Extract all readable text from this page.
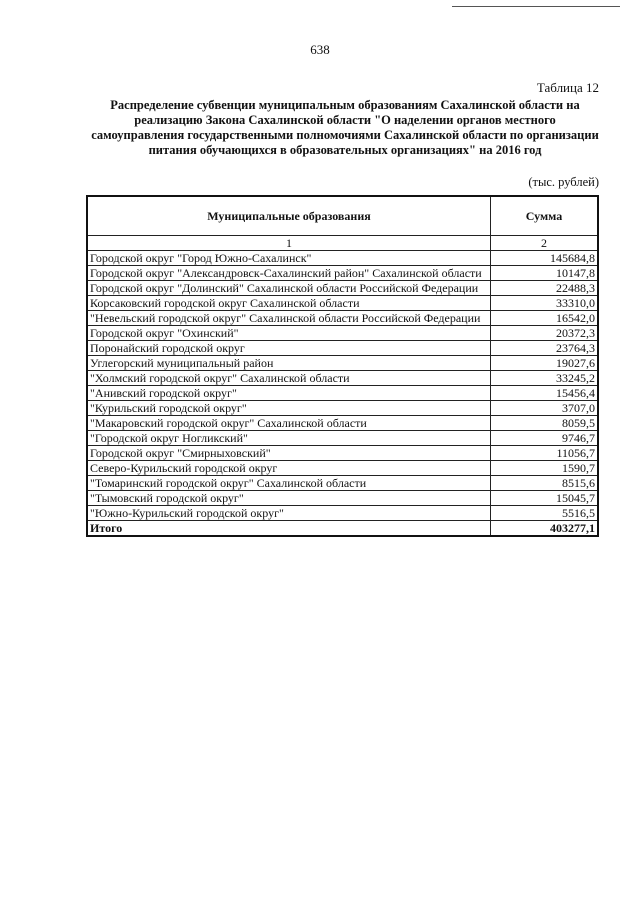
638
Таблица 12
Распределение субвенции муниципальным образованиям Сахалинской области на реализацию Закона Сахалинской области "О наделении органов местного самоуправления государственными полномочиями Сахалинской области по организации питания обучающихся в образовательных организациях" на 2016 год
(тыс. рублей)
Муниципальные образования	Сумма
1	2
Городской округ "Город Южно-Сахалинск"	145684,8
Городской округ "Александровск-Сахалинский район" Сахалинской области	10147,8
Городской округ "Долинский" Сахалинской области Российской Федерации	22488,3
Корсаковский городской округ Сахалинской области	33310,0
"Невельский городской округ" Сахалинской области Российской Федерации	16542,0
Городской округ "Охинский"	20372,3
Поронайский городской округ	23764,3
Углегорский муниципальный район	19027,6
"Холмский городской округ" Сахалинской области	33245,2
"Анивский городской округ"	15456,4
"Курильский городской округ"	3707,0
"Макаровский городской округ" Сахалинской области	8059,5
"Городской округ Ногликский"	9746,7
Городской округ "Смирныховский"	11056,7
Северо-Курильский городской округ	1590,7
"Томаринский городской округ" Сахалинской области	8515,6
"Тымовский городской округ"	15045,7
"Южно-Курильский городской округ"	5516,5
Итого	403277,1
